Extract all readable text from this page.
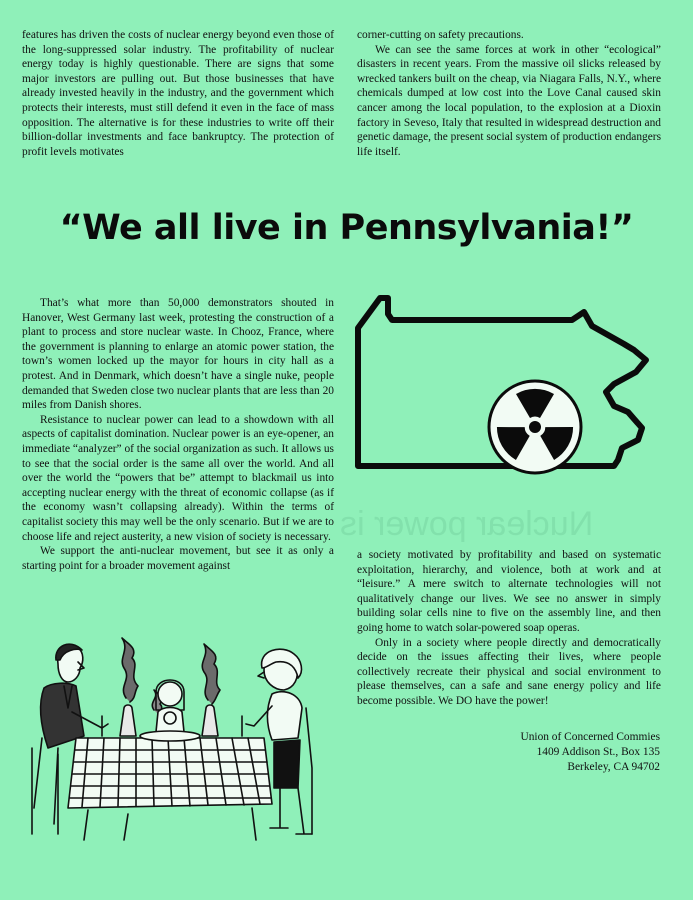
Nuclear power is

features has driven the costs of nuclear energy beyond even those of the long-suppressed solar industry. The profitability of nuclear energy today is highly questionable. There are signs that some major investors are pulling out. But those businesses that have already invested heavily in the industry, and the government which protects their interests, must still defend it even in the face of mass opposition. The alternative is for these industries to write off their billion-dollar investments and face bankruptcy. The protection of profit levels motivates

corner-cutting on safety precautions.

We can see the same forces at work in other “ecological” disasters in recent years. From the massive oil slicks released by wrecked tankers built on the cheap, via Niagara Falls, N.Y., where chemicals dumped at low cost into the Love Canal caused skin cancer among the local population, to the explosion at a Dioxin factory in Seveso, Italy that resulted in widespread destruction and genetic damage, the present social system of production endangers life itself.

“We all live in Pennsylvania!”

That’s what more than 50,000 demonstrators shouted in Hanover, West Germany last week, protesting the construction of a plant to process and store nuclear waste. In Chooz, France, where the government is planning to enlarge an atomic power station, the town’s women locked up the mayor for hours in city hall as a protest. And in Denmark, which doesn’t have a single nuke, people demanded that Sweden close two nuclear plants that are less than 20 miles from Danish shores.

Resistance to nuclear power can lead to a showdown with all aspects of capitalist domination. Nuclear power is an eye-opener, an immediate “analyzer” of the social organization as such. It allows us to see that the social order is the same all over the world. And all over the world the “powers that be” attempt to blackmail us into accepting nuclear energy with the threat of economic collapse (as if the economy wasn’t collapsing already). Within the terms of capitalist society this may well be the only scenario. But if we are to choose life and reject austerity, a new vision of society is necessary.

We support the anti-nuclear movement, but see it as only a starting point for a broader movement against

a society motivated by profitability and based on systematic exploitation, hierarchy, and violence, both at work and at “leisure.” A mere switch to alternate technologies will not qualitatively change our lives. We see no answer in simply building solar cells nine to five on the assembly line, and then going home to watch solar-powered soap operas.

Only in a society where people directly and democratically decide on the issues affecting their lives, where people collectively recreate their physical and social environment to please themselves, can a safe and sane energy policy and life become possible. We DO have the power!

Union of Concerned Commies
1409 Addison St., Box 135
Berkeley, CA 94702
